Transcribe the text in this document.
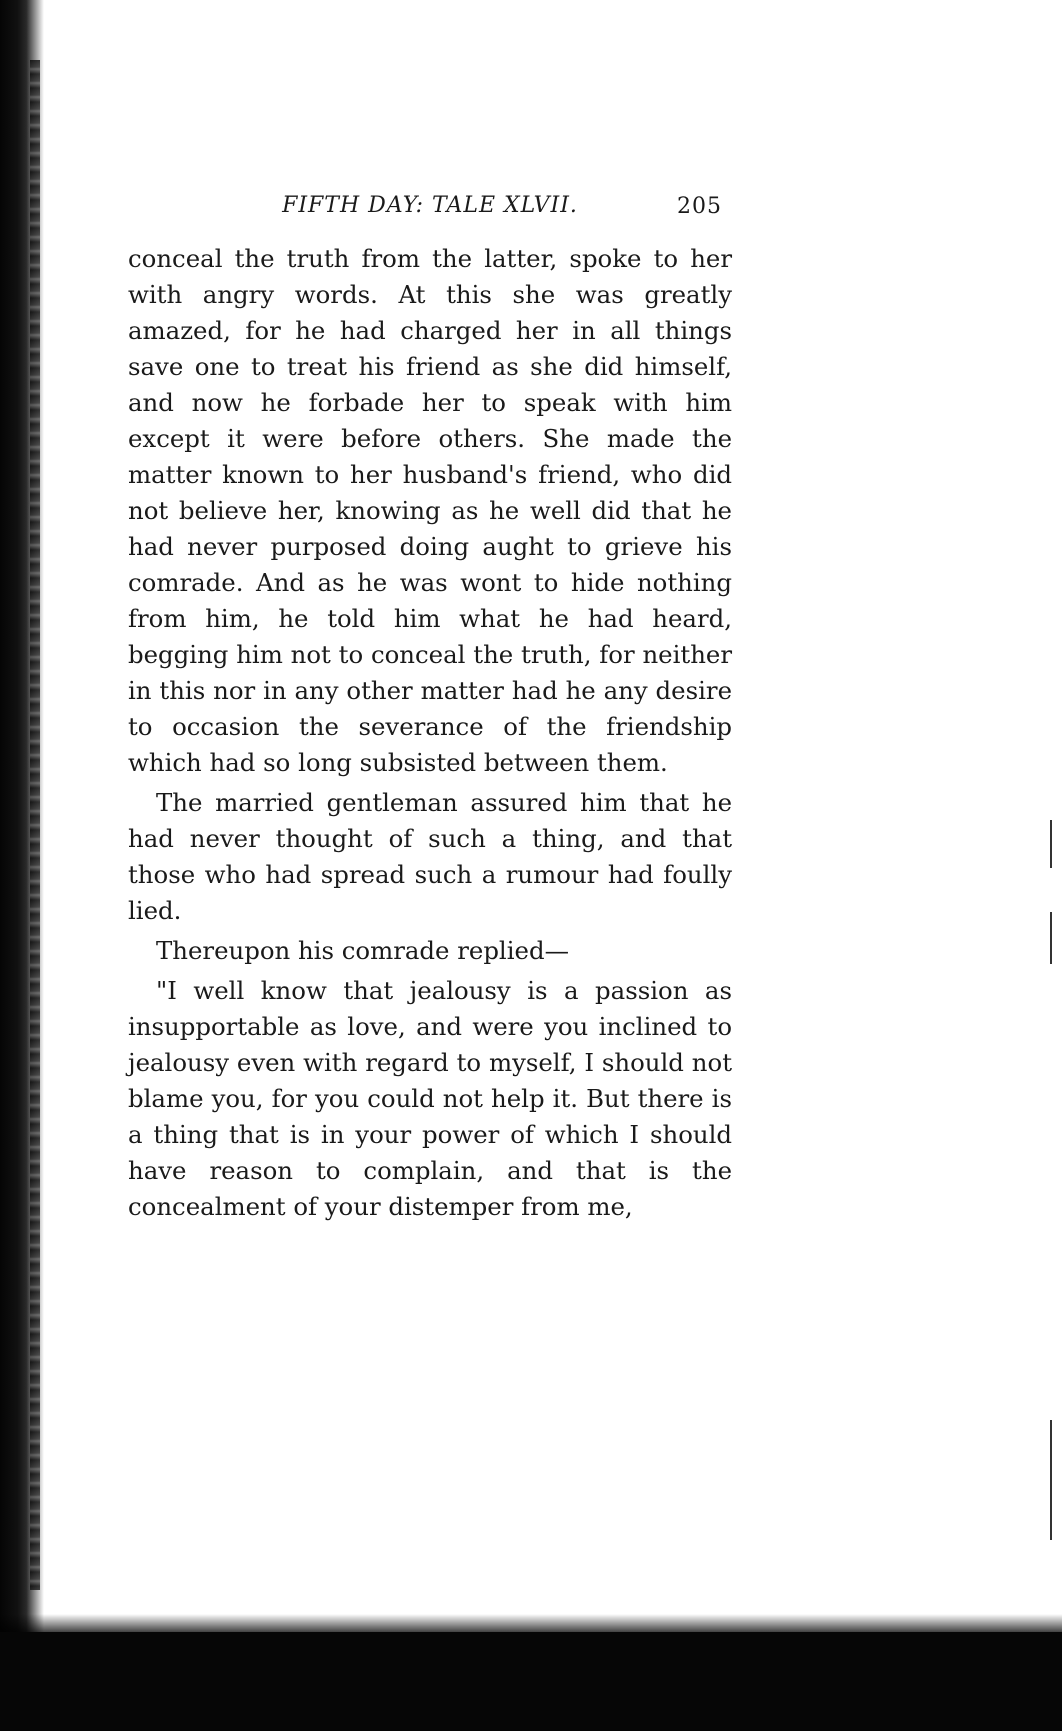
FIFTH DAY: TALE XLVII.	205

conceal the truth from the latter, spoke to her with angry words. At this she was greatly amazed, for he had charged her in all things save one to treat his friend as she did himself, and now he forbade her to speak with him except it were before others. She made the matter known to her husband's friend, who did not believe her, knowing as he well did that he had never purposed doing aught to grieve his comrade. And as he was wont to hide nothing from him, he told him what he had heard, begging him not to conceal the truth, for neither in this nor in any other matter had he any desire to occasion the severance of the friendship which had so long subsisted between them.

The married gentleman assured him that he had never thought of such a thing, and that those who had spread such a rumour had foully lied.

Thereupon his comrade replied—

"I well know that jealousy is a passion as insupportable as love, and were you inclined to jealousy even with regard to myself, I should not blame you, for you could not help it. But there is a thing that is in your power of which I should have reason to complain, and that is the concealment of your distemper from me,
